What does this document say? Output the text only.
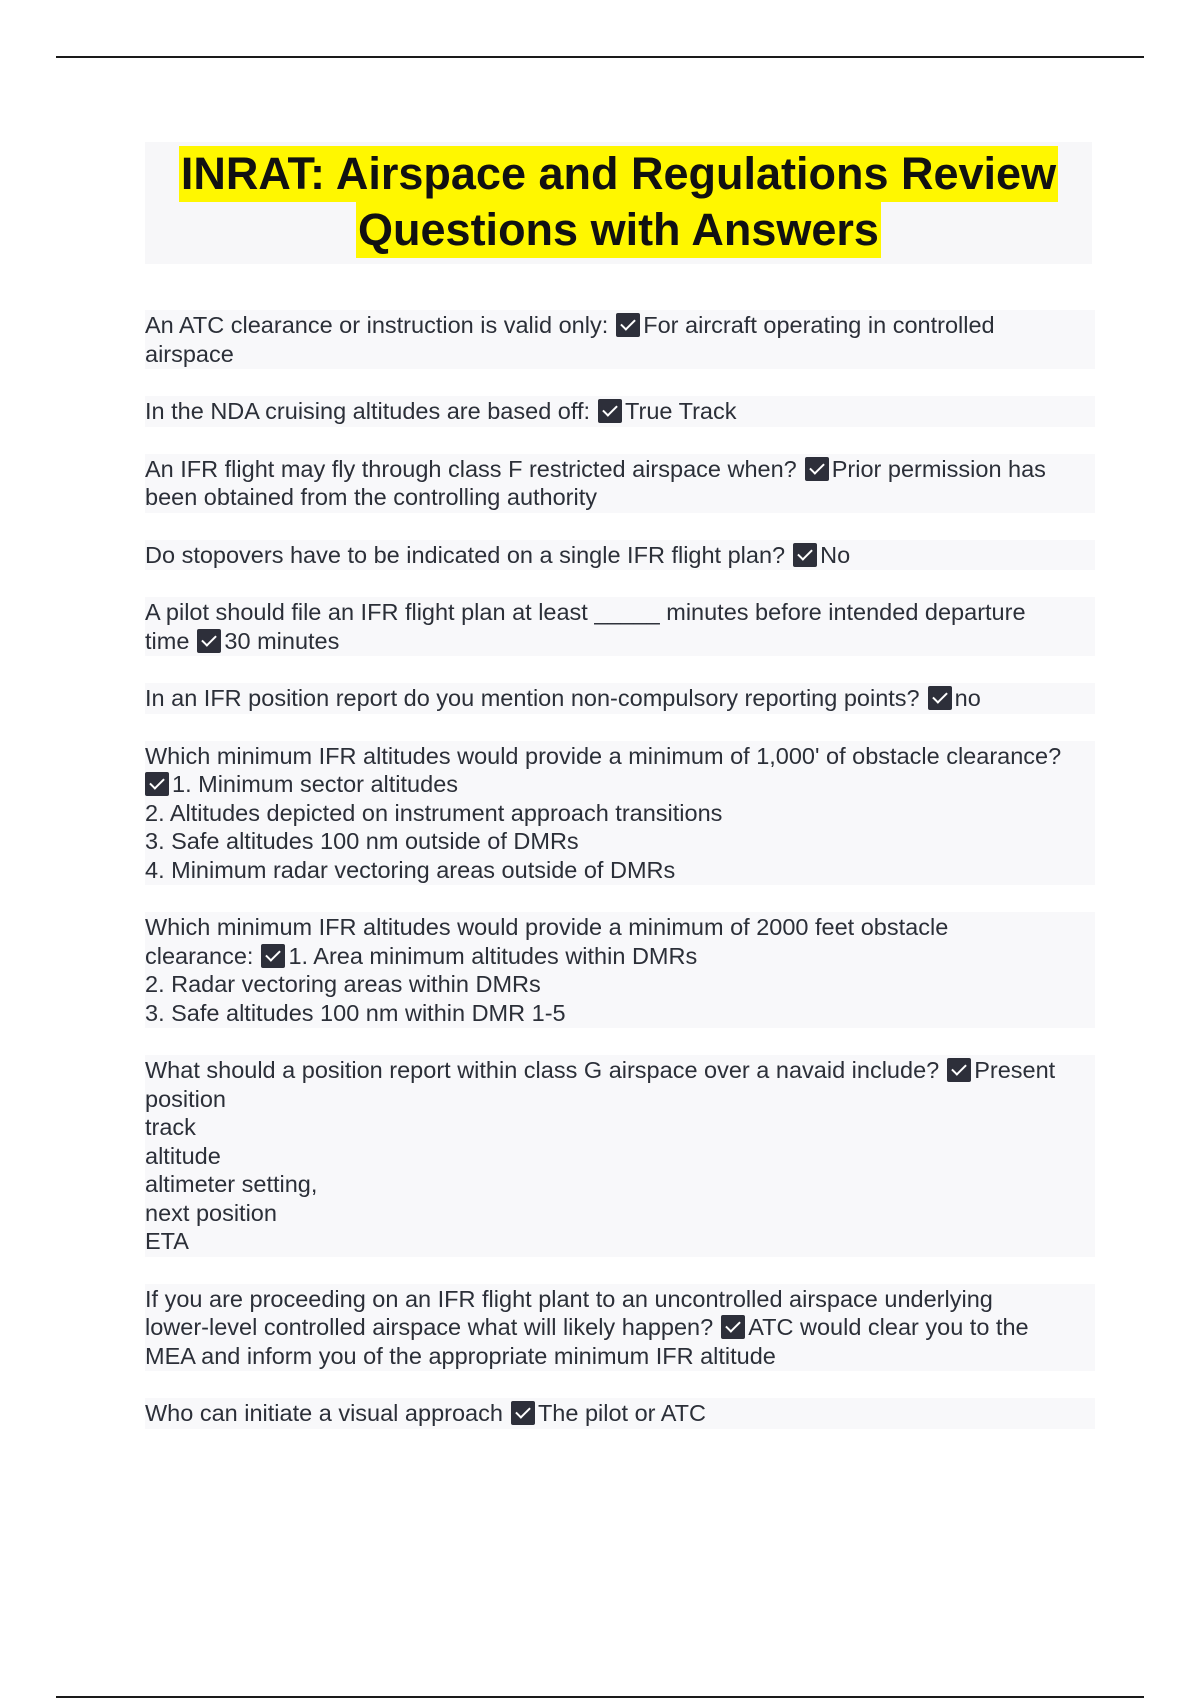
INRAT: Airspace and Regulations Review
Questions with Answers
An ATC clearance or instruction is valid only: For aircraft operating in controlled
airspace
In the NDA cruising altitudes are based off: True Track
An IFR flight may fly through class F restricted airspace when? Prior permission has
been obtained from the controlling authority
Do stopovers have to be indicated on a single IFR flight plan? No
A pilot should file an IFR flight plan at least _____ minutes before intended departure
time 30 minutes
In an IFR position report do you mention non-compulsory reporting points? no
Which minimum IFR altitudes would provide a minimum of 1,000' of obstacle clearance?
1. Minimum sector altitudes
2. Altitudes depicted on instrument approach transitions
3. Safe altitudes 100 nm outside of DMRs
4. Minimum radar vectoring areas outside of DMRs
Which minimum IFR altitudes would provide a minimum of 2000 feet obstacle
clearance: 1. Area minimum altitudes within DMRs
2. Radar vectoring areas within DMRs
3. Safe altitudes 100 nm within DMR 1-5
What should a position report within class G airspace over a navaid include? Present
position
track
altitude
altimeter setting,
next position
ETA
If you are proceeding on an IFR flight plant to an uncontrolled airspace underlying
lower-level controlled airspace what will likely happen? ATC would clear you to the
MEA and inform you of the appropriate minimum IFR altitude
Who can initiate a visual approach The pilot or ATC
